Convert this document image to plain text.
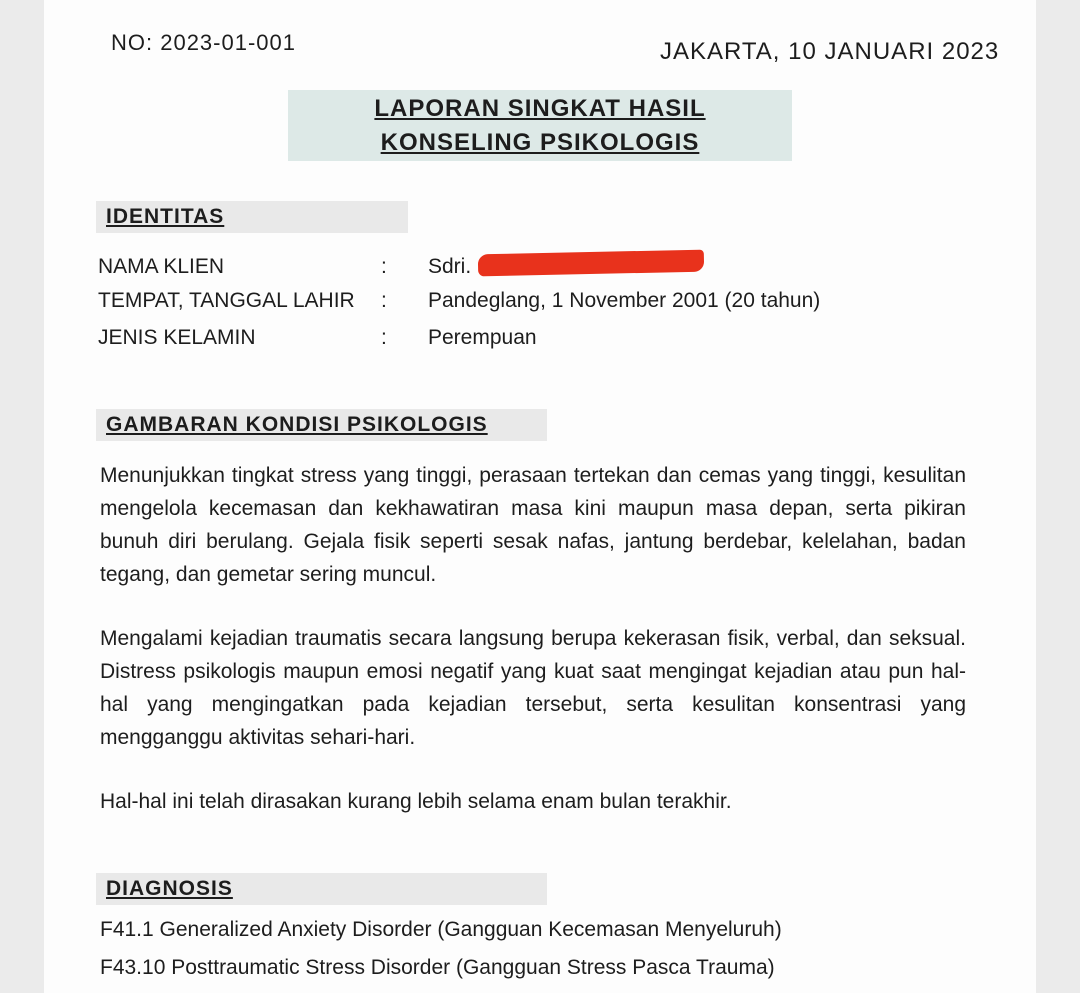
NO: 2023-01-001	JAKARTA, 10 JANUARI 2023
LAPORAN SINGKAT HASIL
KONSELING PSIKOLOGIS
IDENTITAS
NAMA KLIEN	: Sdri.
TEMPAT, TANGGAL LAHIR : Pandeglang, 1 November 2001 (20 tahun)
JENIS KELAMIN	: Perempuan
GAMBARAN KONDISI PSIKOLOGIS

Menunjukkan tingkat stress yang tinggi, perasaan tertekan dan cemas yang tinggi, kesulitan mengelola kecemasan dan kekhawatiran masa kini maupun masa depan, serta pikiran bunuh diri berulang. Gejala fisik seperti sesak nafas, jantung berdebar, kelelahan, badan tegang, dan gemetar sering muncul.

Mengalami kejadian traumatis secara langsung berupa kekerasan fisik, verbal, dan seksual. Distress psikologis maupun emosi negatif yang kuat saat mengingat kejadian atau pun hal-hal yang mengingatkan pada kejadian tersebut, serta kesulitan konsentrasi yang mengganggu aktivitas sehari-hari.

Hal-hal ini telah dirasakan kurang lebih selama enam bulan terakhir.

DIAGNOSIS
F41.1 Generalized Anxiety Disorder (Gangguan Kecemasan Menyeluruh)
F43.10 Posttraumatic Stress Disorder (Gangguan Stress Pasca Trauma)
